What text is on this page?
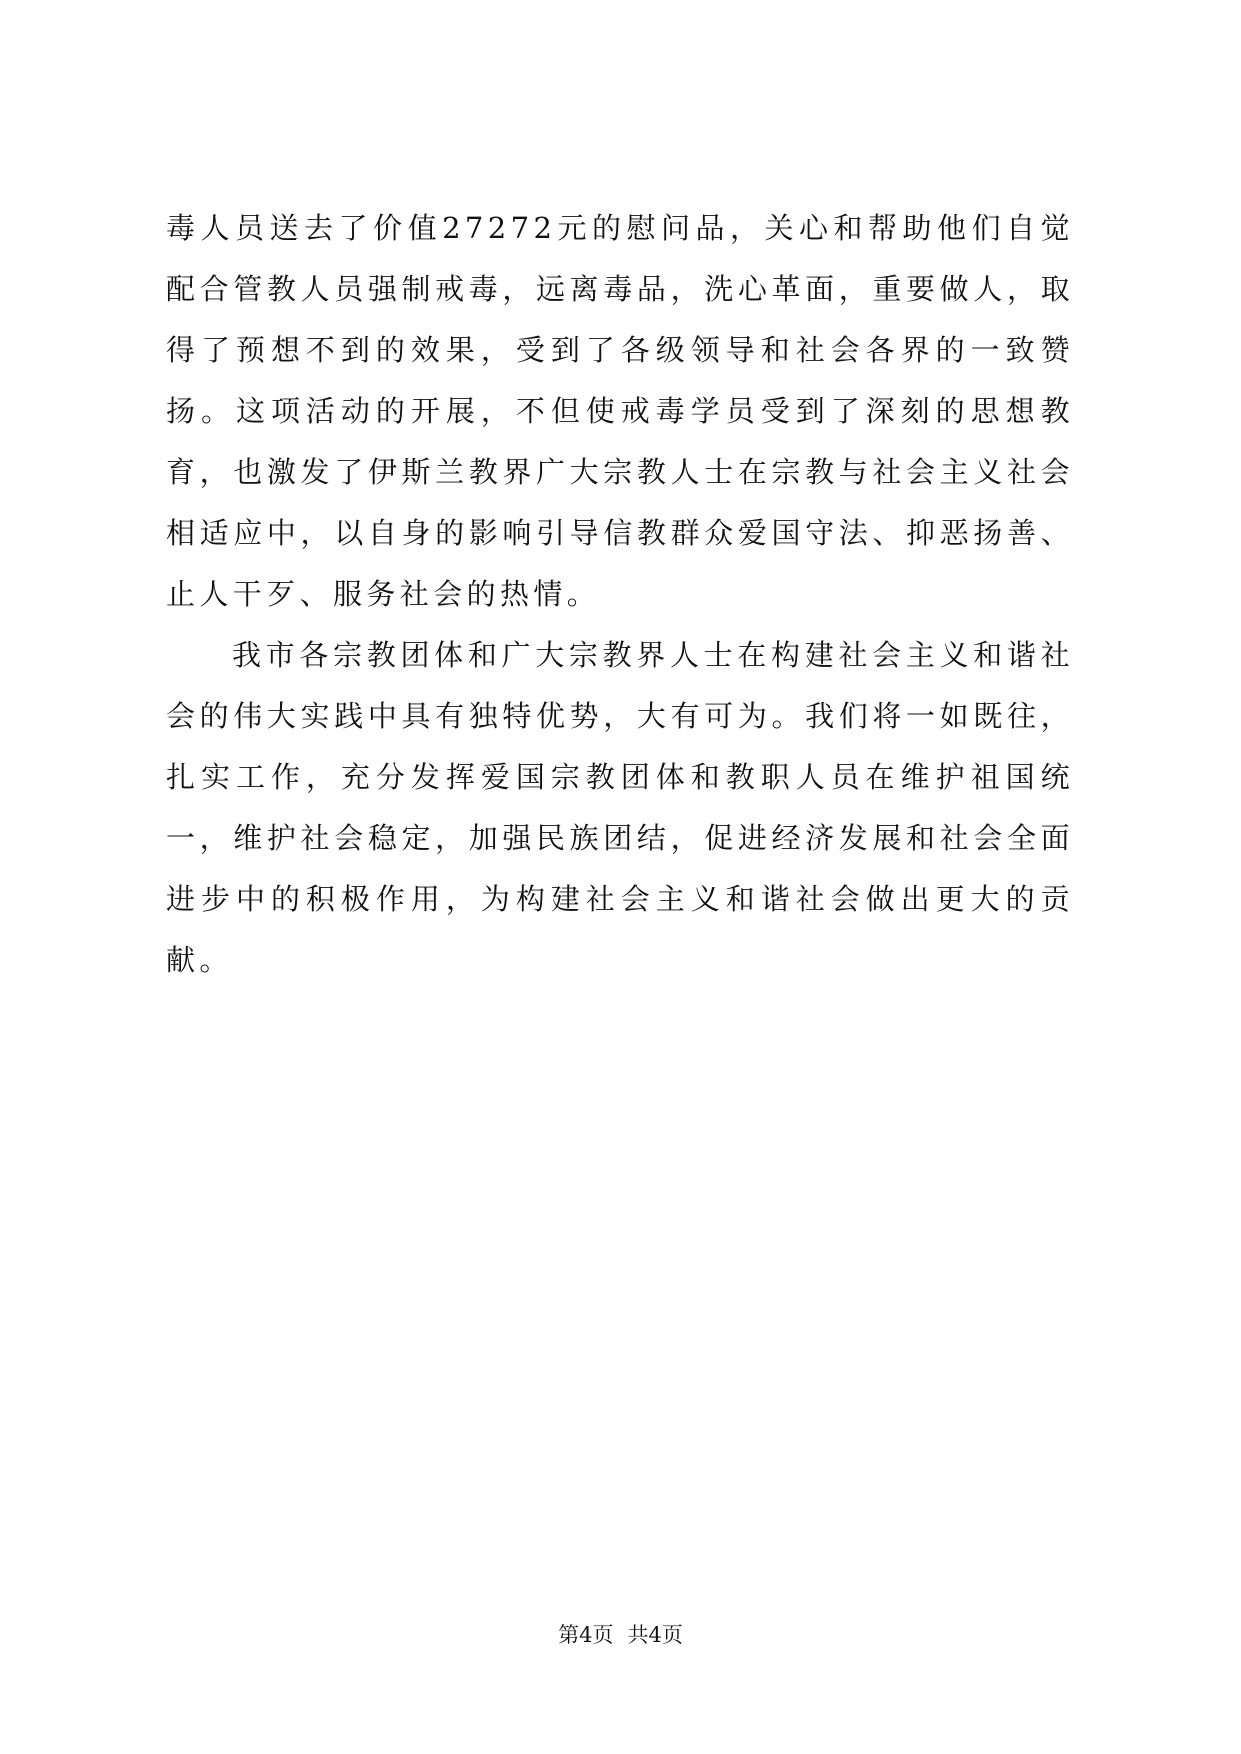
毒人员送去了价值27272元的慰问品，关心和帮助他们自觉配合管教人员强制戒毒，远离毒品，洗心革面，重要做人，取得了预想不到的效果，受到了各级领导和社会各界的一致赞扬。这项活动的开展，不但使戒毒学员受到了深刻的思想教育，也激发了伊斯兰教界广大宗教人士在宗教与社会主义社会相适应中，以自身的影响引导信教群众爱国守法、抑恶扬善、止人干歹、服务社会的热情。

我市各宗教团体和广大宗教界人士在构建社会主义和谐社会的伟大实践中具有独特优势，大有可为。我们将一如既往，扎实工作，充分发挥爱国宗教团体和教职人员在维护祖国统一，维护社会稳定，加强民族团结，促进经济发展和社会全面进步中的积极作用，为构建社会主义和谐社会做出更大的贡献。

第4页 共4页
